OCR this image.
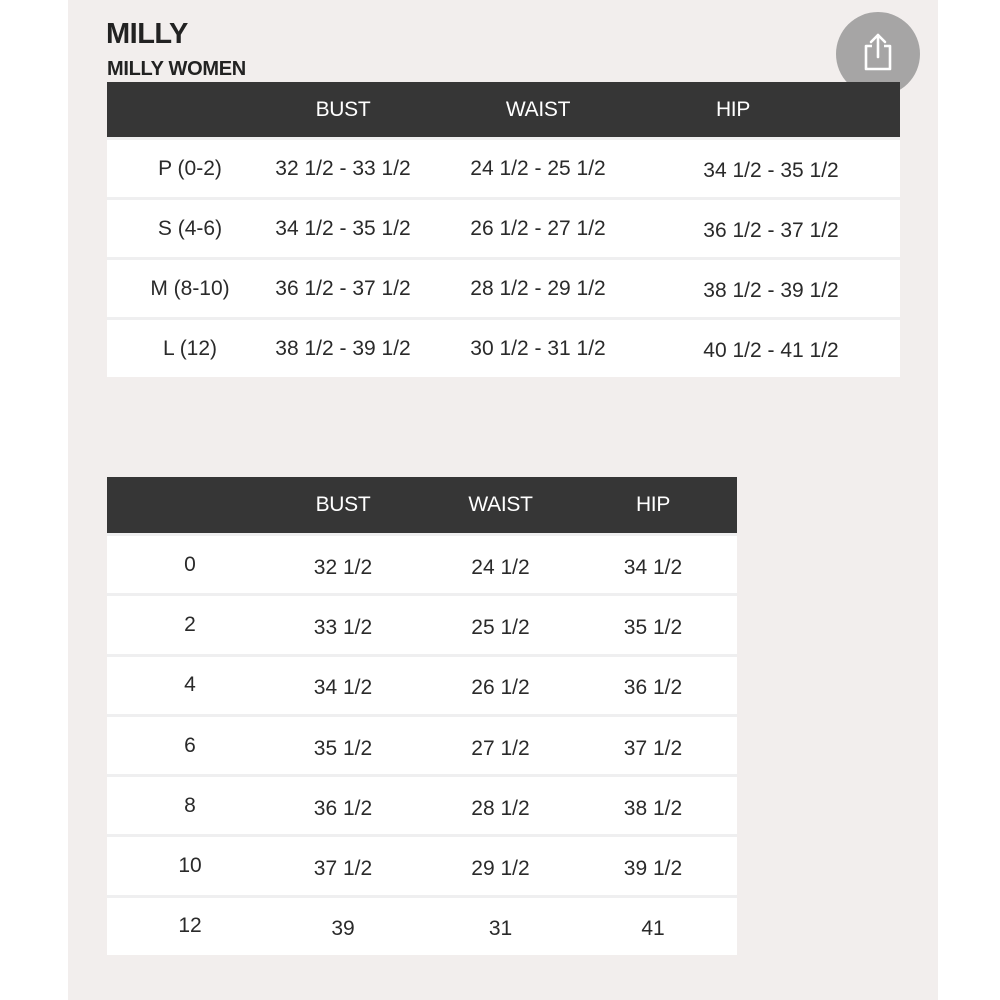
MILLY
MILLY WOMEN
BUST	WAIST	HIP
P (0-2)	32 1/2 - 33 1/2	24 1/2 - 25 1/2	34 1/2 - 35 1/2
S (4-6)	34 1/2 - 35 1/2	26 1/2 - 27 1/2	36 1/2 - 37 1/2
M (8-10)	36 1/2 - 37 1/2	28 1/2 - 29 1/2	38 1/2 - 39 1/2
L (12)	38 1/2 - 39 1/2	30 1/2 - 31 1/2	40 1/2 - 41 1/2
BUST	WAIST	HIP
0	32 1/2	24 1/2	34 1/2
2	33 1/2	25 1/2	35 1/2
4	34 1/2	26 1/2	36 1/2
6	35 1/2	27 1/2	37 1/2
8	36 1/2	28 1/2	38 1/2
10	37 1/2	29 1/2	39 1/2
12	39	31	41
